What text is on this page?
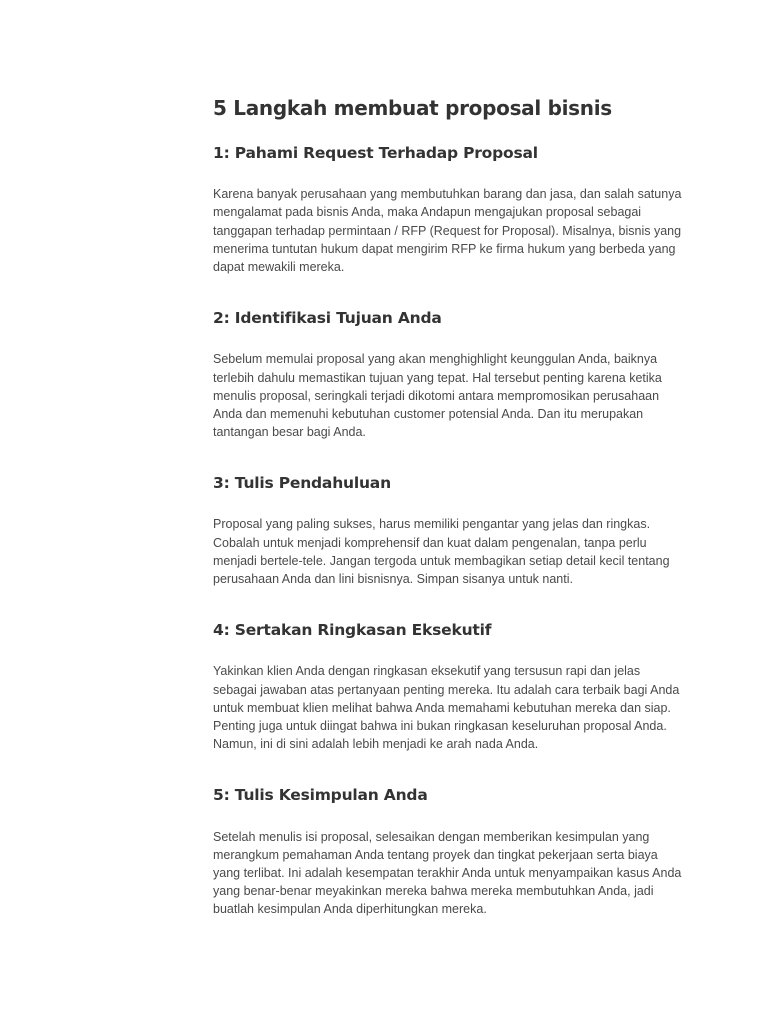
5 Langkah membuat proposal bisnis
1: Pahami Request Terhadap Proposal

Karena banyak perusahaan yang membutuhkan barang dan jasa, dan salah satunya mengalamat pada bisnis Anda, maka Andapun mengajukan proposal sebagai tanggapan terhadap permintaan / RFP (Request for Proposal). Misalnya, bisnis yang menerima tuntutan hukum dapat mengirim RFP ke firma hukum yang berbeda yang dapat mewakili mereka.

2: Identifikasi Tujuan Anda

Sebelum memulai proposal yang akan menghighlight keunggulan Anda, baiknya terlebih dahulu memastikan tujuan yang tepat. Hal tersebut penting karena ketika menulis proposal, seringkali terjadi dikotomi antara mempromosikan perusahaan Anda dan memenuhi kebutuhan customer potensial Anda. Dan itu merupakan tantangan besar bagi Anda.

3: Tulis Pendahuluan

Proposal yang paling sukses, harus memiliki pengantar yang jelas dan ringkas. Cobalah untuk menjadi komprehensif dan kuat dalam pengenalan, tanpa perlu menjadi bertele-tele. Jangan tergoda untuk membagikan setiap detail kecil tentang perusahaan Anda dan lini bisnisnya. Simpan sisanya untuk nanti.

4: Sertakan Ringkasan Eksekutif

Yakinkan klien Anda dengan ringkasan eksekutif yang tersusun rapi dan jelas sebagai jawaban atas pertanyaan penting mereka. Itu adalah cara terbaik bagi Anda untuk membuat klien melihat bahwa Anda memahami kebutuhan mereka dan siap. Penting juga untuk diingat bahwa ini bukan ringkasan keseluruhan proposal Anda. Namun, ini di sini adalah lebih menjadi ke arah nada Anda.

5: Tulis Kesimpulan Anda

Setelah menulis isi proposal, selesaikan dengan memberikan kesimpulan yang merangkum pemahaman Anda tentang proyek dan tingkat pekerjaan serta biaya yang terlibat. Ini adalah kesempatan terakhir Anda untuk menyampaikan kasus Anda yang benar-benar meyakinkan mereka bahwa mereka membutuhkan Anda, jadi buatlah kesimpulan Anda diperhitungkan mereka.
